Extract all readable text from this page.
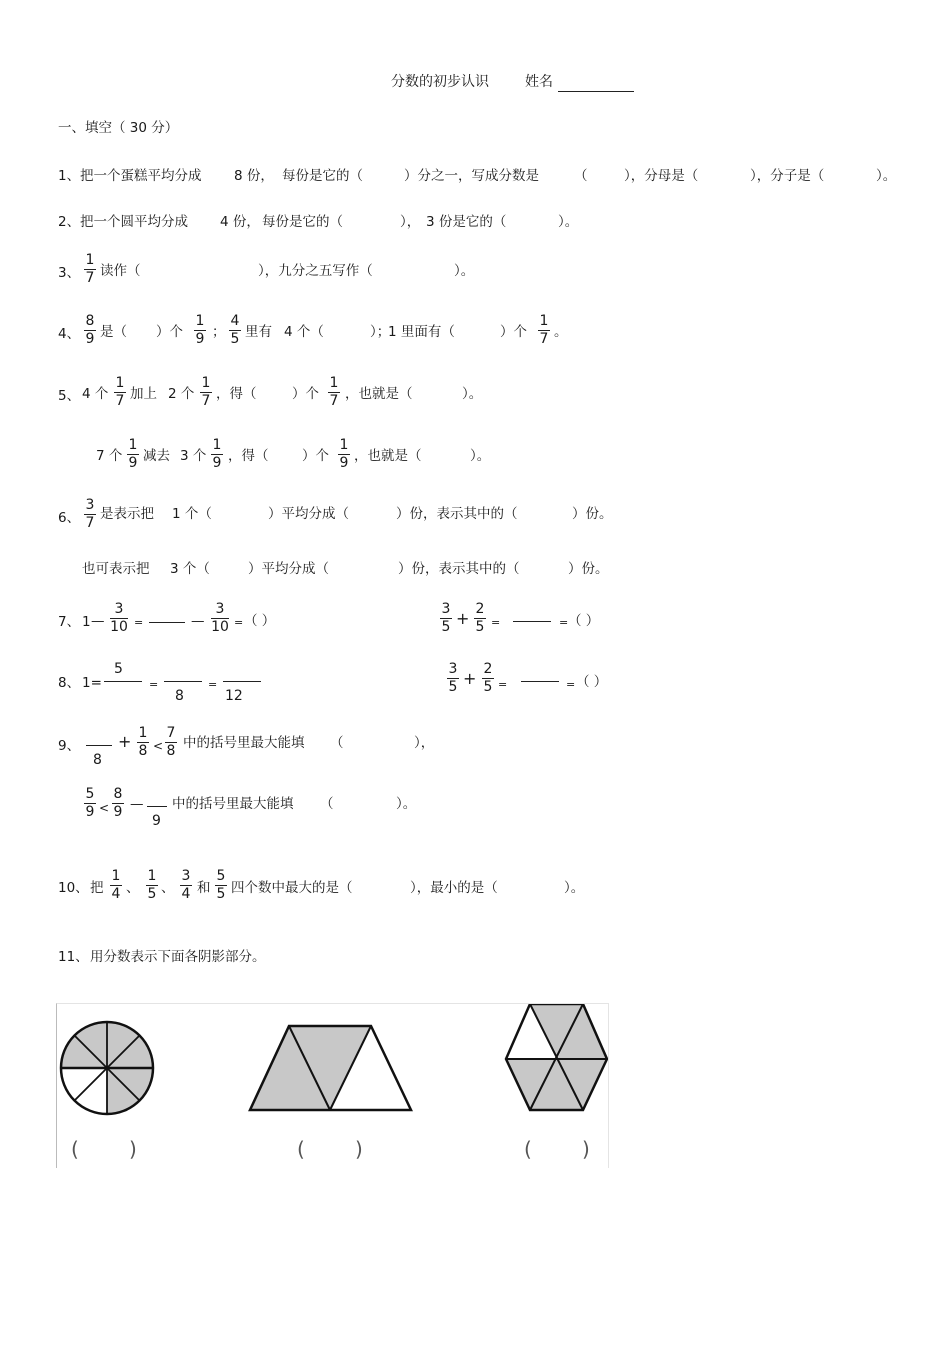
分数的初步认识	姓名
一、填空（ 30 分）
1、 把一个蛋糕平均分成 8 份， 每份是它的（	）分之一，写成分数是	（	），分母是（	），分子是（	）。
2、 把一个圆平均分成 4 份， 每份是它的（	）， 3 份是它的（	）。
3、
1
7 读作（	），九分之五写作（	）。
4、
8
9 是（ ）个
1
9 ；
4
5 里有 4 个（	）；
1 里面有（	）个
1
7 。
5、 4 个
1
7 加上 2 个
1
7 ，得（	）个
1
7 ，也就是（	）。
7 个
1
9 减去 3 个
1
9 ，得（ ）个
1
9 ，也就是（	）。
6、
3
7
是表示把 1 个（	）平均分成（	）份，表示其中的（	）份。
也可表示把 3 个（	）平均分成（	）份，表示其中的（	）份。
7、 1 —
3
10 =	—
3
10 = （ ）
3
5 + 2
5 =	= （ ）
8、 1=
5
=
8
=
12
3
5 + 2
5 =	= （ ）
9、
8
+ 1
8 <
7
8 中的括号里最大能填 （	），
5
9 <
8
9 —
9
中的括号里最大能填 （	）。
10、 把
1
4 、
1
5 、
3
4 和
5
5 四个数中最大的是（	），最小的是（	）。
11、 用分数表示下面各阴影部分。
(	)	(	)	(	)
